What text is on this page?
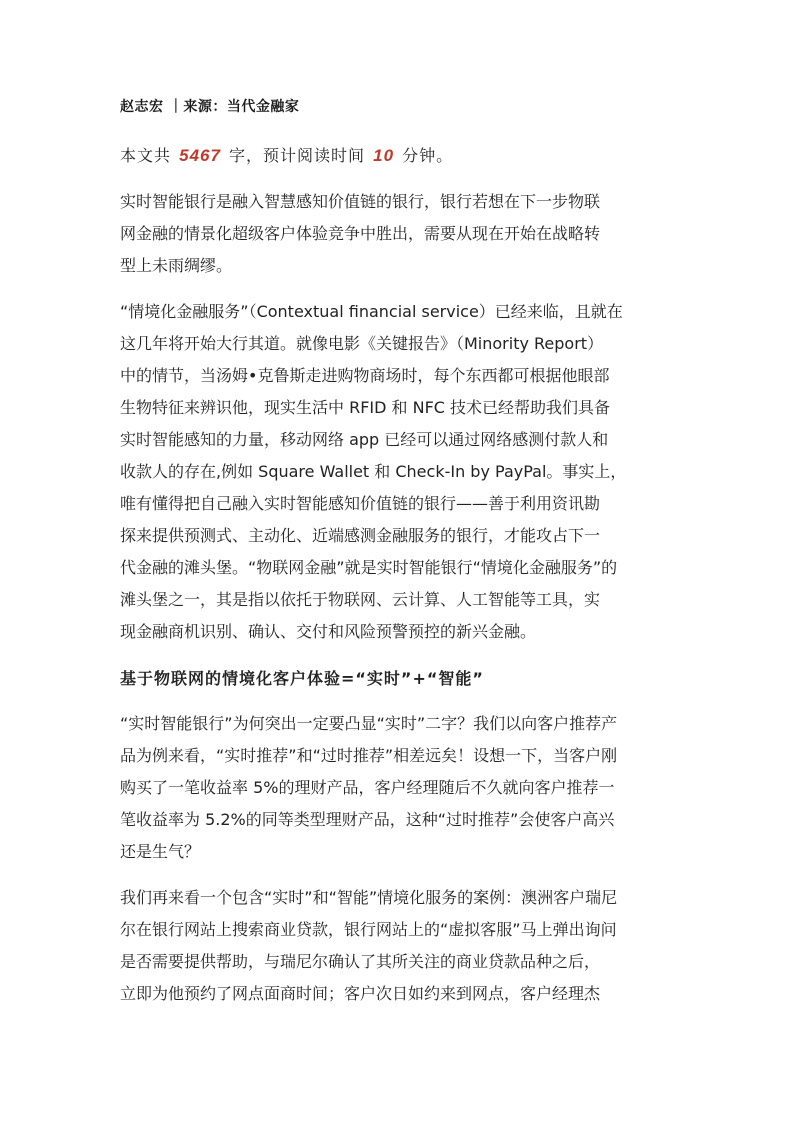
赵志宏 ｜来源：当代金融家
本文共 5467 字，预计阅读时间 10 分钟。

实时智能银行是融入智慧感知价值链的银行，银行若想在下一步物联
网金融的情景化超级客户体验竞争中胜出，需要从现在开始在战略转
型上未雨绸缪。

“情境化金融服务”（Contextual financial service）已经来临，且就在
这几年将开始大行其道。就像电影《关键报告》（Minority Report）
中的情节，当汤姆•克鲁斯走进购物商场时，每个东西都可根据他眼部
生物特征来辨识他，现实生活中 RFID 和 NFC 技术已经帮助我们具备
实时智能感知的力量，移动网络 app 已经可以通过网络感测付款人和
收款人的存在,例如 Square Wallet 和 Check-In by PayPal。事实上，
唯有懂得把自己融入实时智能感知价值链的银行——善于利用资讯勘
探来提供预测式、主动化、近端感测金融服务的银行，才能攻占下一
代金融的滩头堡。“物联网金融”就是实时智能银行“情境化金融服务”的
滩头堡之一，其是指以依托于物联网、云计算、人工智能等工具，实
现金融商机识别、确认、交付和风险预警预控的新兴金融。

基于物联网的情境化客户体验=“实时”+“智能”

“实时智能银行”为何突出一定要凸显“实时”二字？我们以向客户推荐产
品为例来看，“实时推荐”和“过时推荐”相差远矣！设想一下，当客户刚
购买了一笔收益率 5%的理财产品，客户经理随后不久就向客户推荐一
笔收益率为 5.2%的同等类型理财产品，这种“过时推荐”会使客户高兴
还是生气？

我们再来看一个包含“实时”和“智能”情境化服务的案例：澳洲客户瑞尼
尔在银行网站上搜索商业贷款，银行网站上的“虚拟客服”马上弹出询问
是否需要提供帮助，与瑞尼尔确认了其所关注的商业贷款品种之后，
立即为他预约了网点面商时间；客户次日如约来到网点，客户经理杰
